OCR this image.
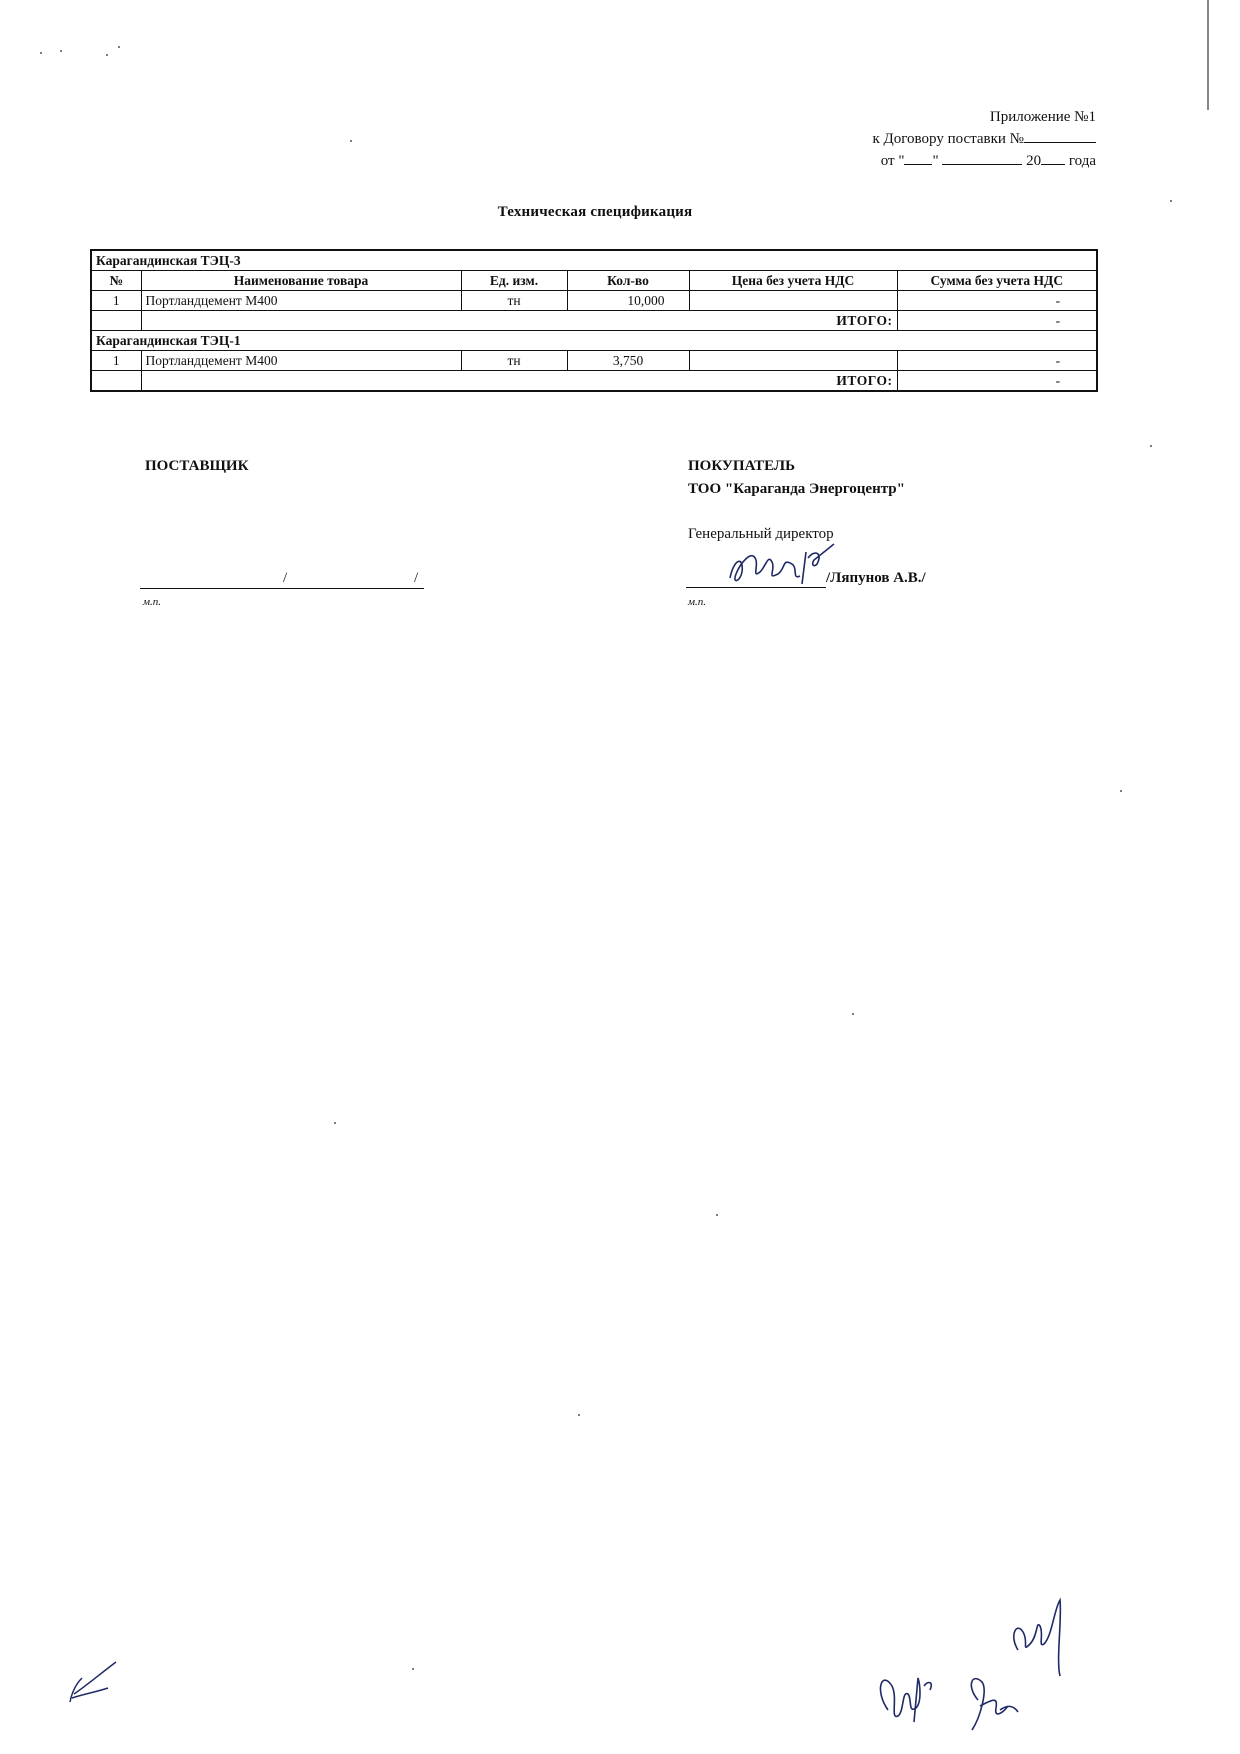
Приложение №1
к Договору поставки №
от " "	20 года
Техническая спецификация
Карагандинская ТЭЦ-3					
№	Наименование товара	Ед. изм.	Кол-во	Цена без учета НДС	Сумма без учета НДС
1	Портландцемент М400	тн	10,000		-
	ИТОГО:				-
Карагандинская ТЭЦ-1					
1	Портландцемент М400	тн	3,750		-
	ИТОГО:				-
ПОСТАВЩИК
/	/
м.п.
ПОКУПАТЕЛЬ
ТОО "Караганда Энергоцентр"
Генеральный директор
/Ляпунов А.В./
м.п.
